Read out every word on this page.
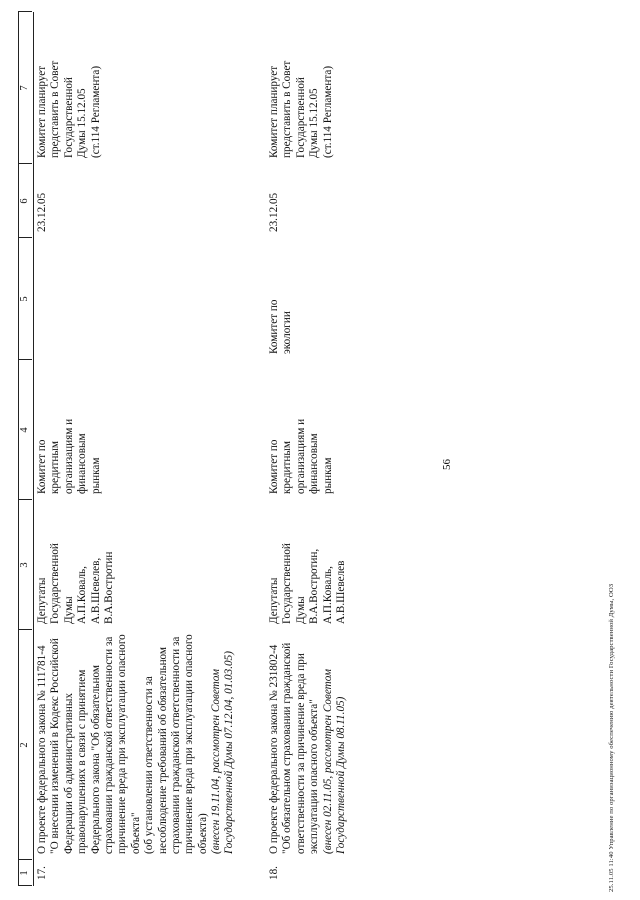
56
1
2
3
4
5
6
7
17.
О проекте федерального закона № 111781-4
"О внесении изменений в Кодекс Российской
Федерации об административных
правонарушениях в связи с принятием
Федерального закона "Об обязательном
страховании гражданской ответственности за
причинение вреда при эксплуатации опасного
объекта"
(об установлении ответственности за
несоблюдение требований об обязательном
страховании гражданской ответственности за
причинение вреда при эксплуатации опасного
объекта) (внесен 19.11.04, рассмотрен Советом
Государственной Думы 07.12.04, 01.03.05)
Депутаты
Государственной
Думы
А.П.Коваль,
А.В.Шевелев,
В.А.Востротин
Комитет по
кредитным
организациям и
финансовым
рынкам
23.12.05
Комитет планирует
представить в Совет
Государственной
Думы 15.12.05
(ст.114 Регламента)
18.
О проекте федерального закона № 231802-4
"Об обязательном страховании гражданской
ответственности за причинение вреда при
эксплуатации опасного объекта"
(внесен 02.11.05, рассмотрен Советом
Государственной Думы 08.11.05)
Депутаты
Государственной
Думы
В.А.Востротин,
А.П.Коваль,
А.В.Шевелев
Комитет по
кредитным
организациям и
финансовым
рынкам
Комитет по
экологии
23.12.05
Комитет планирует
представить в Совет
Государственной
Думы 15.12.05
(ст.114 Регламента)
25.11.05 11:40 Управление по организационному обеспечению деятельности Государственной Думы, ООЗ
